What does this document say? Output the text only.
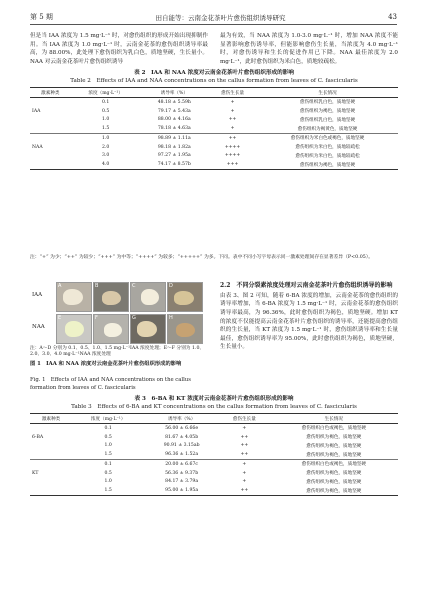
第 5 期	田自能等：云南金花茶叶片愈伤组织诱导研究	43

但是当 IAA 浓度为 1.5 mg·L⁻¹ 时，对愈伤组织的形成开始出现抑制作用。当 IAA 浓度为 1.0 mg·L⁻¹ 时，云南金花茶的愈伤组织诱导率最高，为 88.00%，此处理下愈伤组织为乳白色，质地坚硬，生长量小。NAA 对云南金花茶叶片愈伤组织诱导

最为有效，当 NAA 浓度为 1.0-3.0 mg·L⁻¹ 时，增加 NAA 浓度不能显著影响愈伤诱导率，但能影响愈伤生长量，当浓度为 4.0 mg·L⁻¹ 时，对愈伤诱导和生长的促进作用已下降。NAA 最佳浓度为 2.0 mg·L⁻¹，此时愈伤组织为米白色，质地较疏松。

表 2　IAA 和 NAA 浓度对云南金花茶叶片愈伤组织形成的影响
Table 2　Effects of IAA and NAA concentrations on the callus formation from leaves of C. fascicularis
激素种类	浓度（mg·L⁻¹）	诱导率（%）	愈伤生长量	生长情况
	0.1	48.18 ± 5.59h	+	愈伤组织乳白色，质地坚硬
IAA	0.5	79.17 ± 5.43a	+	愈伤组织为褐色，质地坚硬
	1.0	88.00 ± 4.16a	++	愈伤组织乳白色，质地坚硬
	1.5	78.18 ± 4.63a	+	愈伤组织为褐黄色，质地坚硬
	1.0	98.89 ± 1.11a	++	愈伤组织为米白色或褐色，质地坚硬
NAA	2.0	98.18 ± 1.82a	++++	愈伤组织为米白色，质地较疏松
	3.0	97.27 ± 1.95a	++++	愈伤组织为米白色，质地较疏松
	4.0	74.17 ± 8.57b	+++	愈伤组织为褐色，质地坚硬
注：“+” 为少；“++” 为较少；“+++” 为中等；“++++” 为较多；“+++++” 为多。下同。表中不同小写字母表示同一激素处理间存在显著差异（P<0.05）。
IAA
NAA
A	B	C	D
E	F	G	H
注：A～D 分别为 0.1、0.5、1.0、1.5 mg·L⁻¹IAA 浓度处理；E～F 分别为 1.0、2.0、3.0、4.0 mg·L⁻¹NAA 浓度处理
图 1　IAA 和 NAA 浓度对云南金花茶叶片愈伤组织形成的影响
Fig. 1　Effects of IAA and NAA concentrations on the callus formation from leaves of C. fascicularis

2.2　不同分裂素浓度处理对云南金花茶叶片愈伤组织诱导的影响

由表 3、图 2 可知，随着 6-BA 浓度的增加，云南金花茶的愈伤组织的诱导率增加，当 6-BA 浓度为 1.5 mg·L⁻¹ 时，云南金花茶的愈伤组织诱导率最高，为 96.36%，此时愈伤组织为褐色，质地坚硬。增加 KT 的浓度不仅能提高云南金花茶叶片愈伤组织的诱导率，还能提高愈伤组织的生长量，当 KT 浓度为 1.5 mg·L⁻¹ 时，愈伤组织诱导率和生长量最佳，愈伤组织诱导率为 95.00%，此时愈伤组织为褐色，质地坚硬，生长量小。

表 3　6-BA 和 KT 浓度对云南金花茶叶片愈伤组织形成的影响
Table 3　Effects of 6-BA and KT concentrations on the callus formation from leaves of C. fascicularis
激素种类	浓度（mg·L⁻¹）	诱导率（%）	愈伤生长量	生长情况
	0.1	56.00 ± 6.66e	+	愈伤组织白色或褐色，质地坚硬
6-BA	0.5	81.67 ± 4.05b	++	愈伤组织为褐色，质地坚硬
	1.0	90.91 ± 3.15ab	++	愈伤组织为褐色，质地坚硬
	1.5	96.36 ± 1.52a	++	愈伤组织为褐色，质地坚硬
	0.1	20.00 ± 6.67c	+	愈伤组织白色或褐色，质地坚硬
KT	0.5	56.36 ± 9.37b	+	愈伤组织为褐色，质地坚硬
	1.0	84.17 ± 3.79a	+	愈伤组织为褐色，质地坚硬
	1.5	95.00 ± 1.95a	++	愈伤组织为褐色，质地坚硬
